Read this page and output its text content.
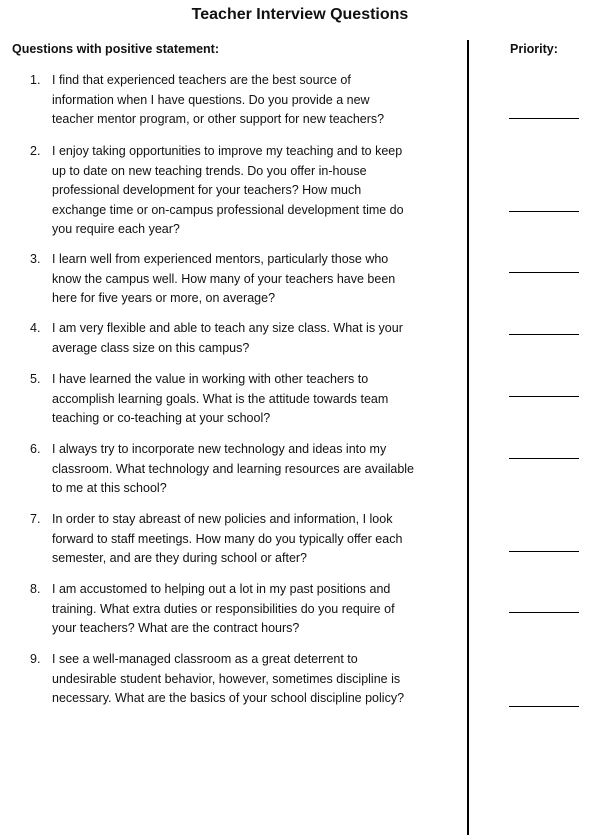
Teacher Interview Questions
Questions with positive statement:	Priority:
1. I find that experienced teachers are the best source of
information when I have questions. Do you provide a new
teacher mentor program, or other support for new teachers?
2. I enjoy taking opportunities to improve my teaching and to keep
up to date on new teaching trends. Do you offer in-house
professional development for your teachers? How much
exchange time or on-campus professional development time do
you require each year?
3. I learn well from experienced mentors, particularly those who
know the campus well. How many of your teachers have been
here for five years or more, on average?
4. I am very flexible and able to teach any size class. What is your
average class size on this campus?
5. I have learned the value in working with other teachers to
accomplish learning goals. What is the attitude towards team
teaching or co-teaching at your school?
6. I always try to incorporate new technology and ideas into my
classroom. What technology and learning resources are available
to me at this school?
7. In order to stay abreast of new policies and information, I look
forward to staff meetings. How many do you typically offer each
semester, and are they during school or after?
8. I am accustomed to helping out a lot in my past positions and
training. What extra duties or responsibilities do you require of
your teachers? What are the contract hours?
9. I see a well-managed classroom as a great deterrent to
undesirable student behavior, however, sometimes discipline is
necessary. What are the basics of your school discipline policy?
